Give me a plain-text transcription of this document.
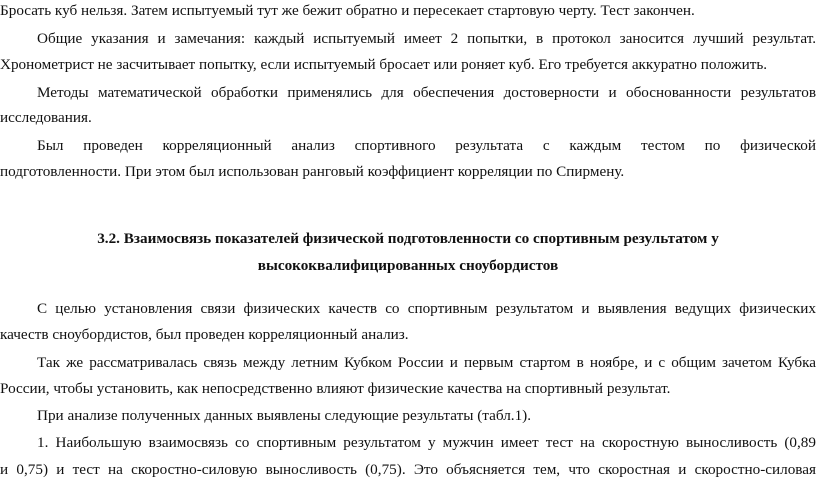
Бросать куб нельзя. Затем испытуемый тут же бежит обратно и пересекает стартовую черту. Тест закончен.
Общие указания и замечания: каждый испытуемый имеет 2 попытки, в протокол заносится лучший результат.
Хронометрист не засчитывает попытку, если испытуемый бросает или роняет куб. Его требуется аккуратно положить.
Методы математической обработки применялись для обеспечения достоверности и обоснованности результатов
исследования.
Был проведен корреляционный анализ спортивного результата с каждым тестом по физической
подготовленности. При этом был использован ранговый коэффициент корреляции по Спирмену.
3.2. Взаимосвязь показателей физической подготовленности со спортивным результатом у
высококвалифицированных сноубордистов
С целью установления связи физических качеств со спортивным результатом и выявления ведущих физических
качеств сноубордистов, был проведен корреляционный анализ.
Так же рассматривалась связь между летним Кубком России и первым стартом в ноябре, и с общим зачетом Кубка
России, чтобы установить, как непосредственно влияют физические качества на спортивный результат.
При анализе полученных данных выявлены следующие результаты (табл.1).
1. Наибольшую взаимосвязь со спортивным результатом у мужчин имеет тест на скоростную выносливость (0,89
и 0,75) и тест на скоростно-силовую выносливость (0,75). Это объясняется тем, что скоростная и скоростно-силовая
